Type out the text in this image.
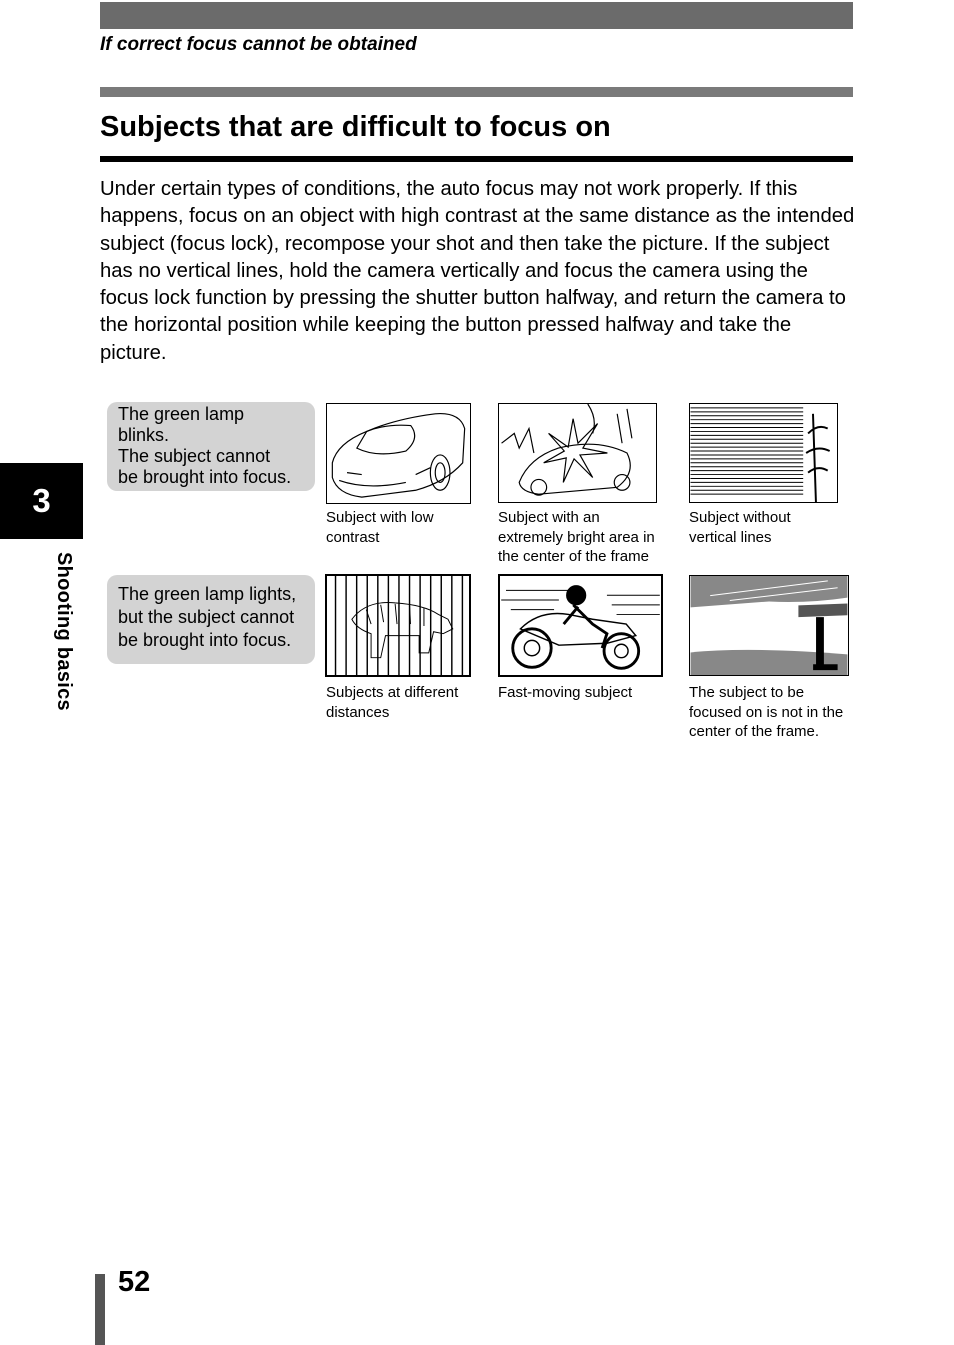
If correct focus cannot be obtained
Subjects that are difficult to focus on
Under certain types of conditions, the auto focus may not work properly. If this happens, focus on an object with high contrast at the same distance as the intended subject (focus lock), recompose your shot and then take the picture. If the subject has no vertical lines, hold the camera vertically and focus the camera using the focus lock function by pressing the shutter button halfway, and return the camera to the horizontal position while keeping the button pressed halfway and take the picture.
The green lamp
blinks.
The subject cannot
be brought into focus.
Subject with low
contrast
Subject with an
extremely bright area in
the center of the frame
Subject without
vertical lines
The green lamp lights,
but the subject cannot
be brought into focus.
Subjects at different
distances
Fast-moving subject	The subject to be
focused on is not in the
center of the frame.
3
Shooting basics
52
